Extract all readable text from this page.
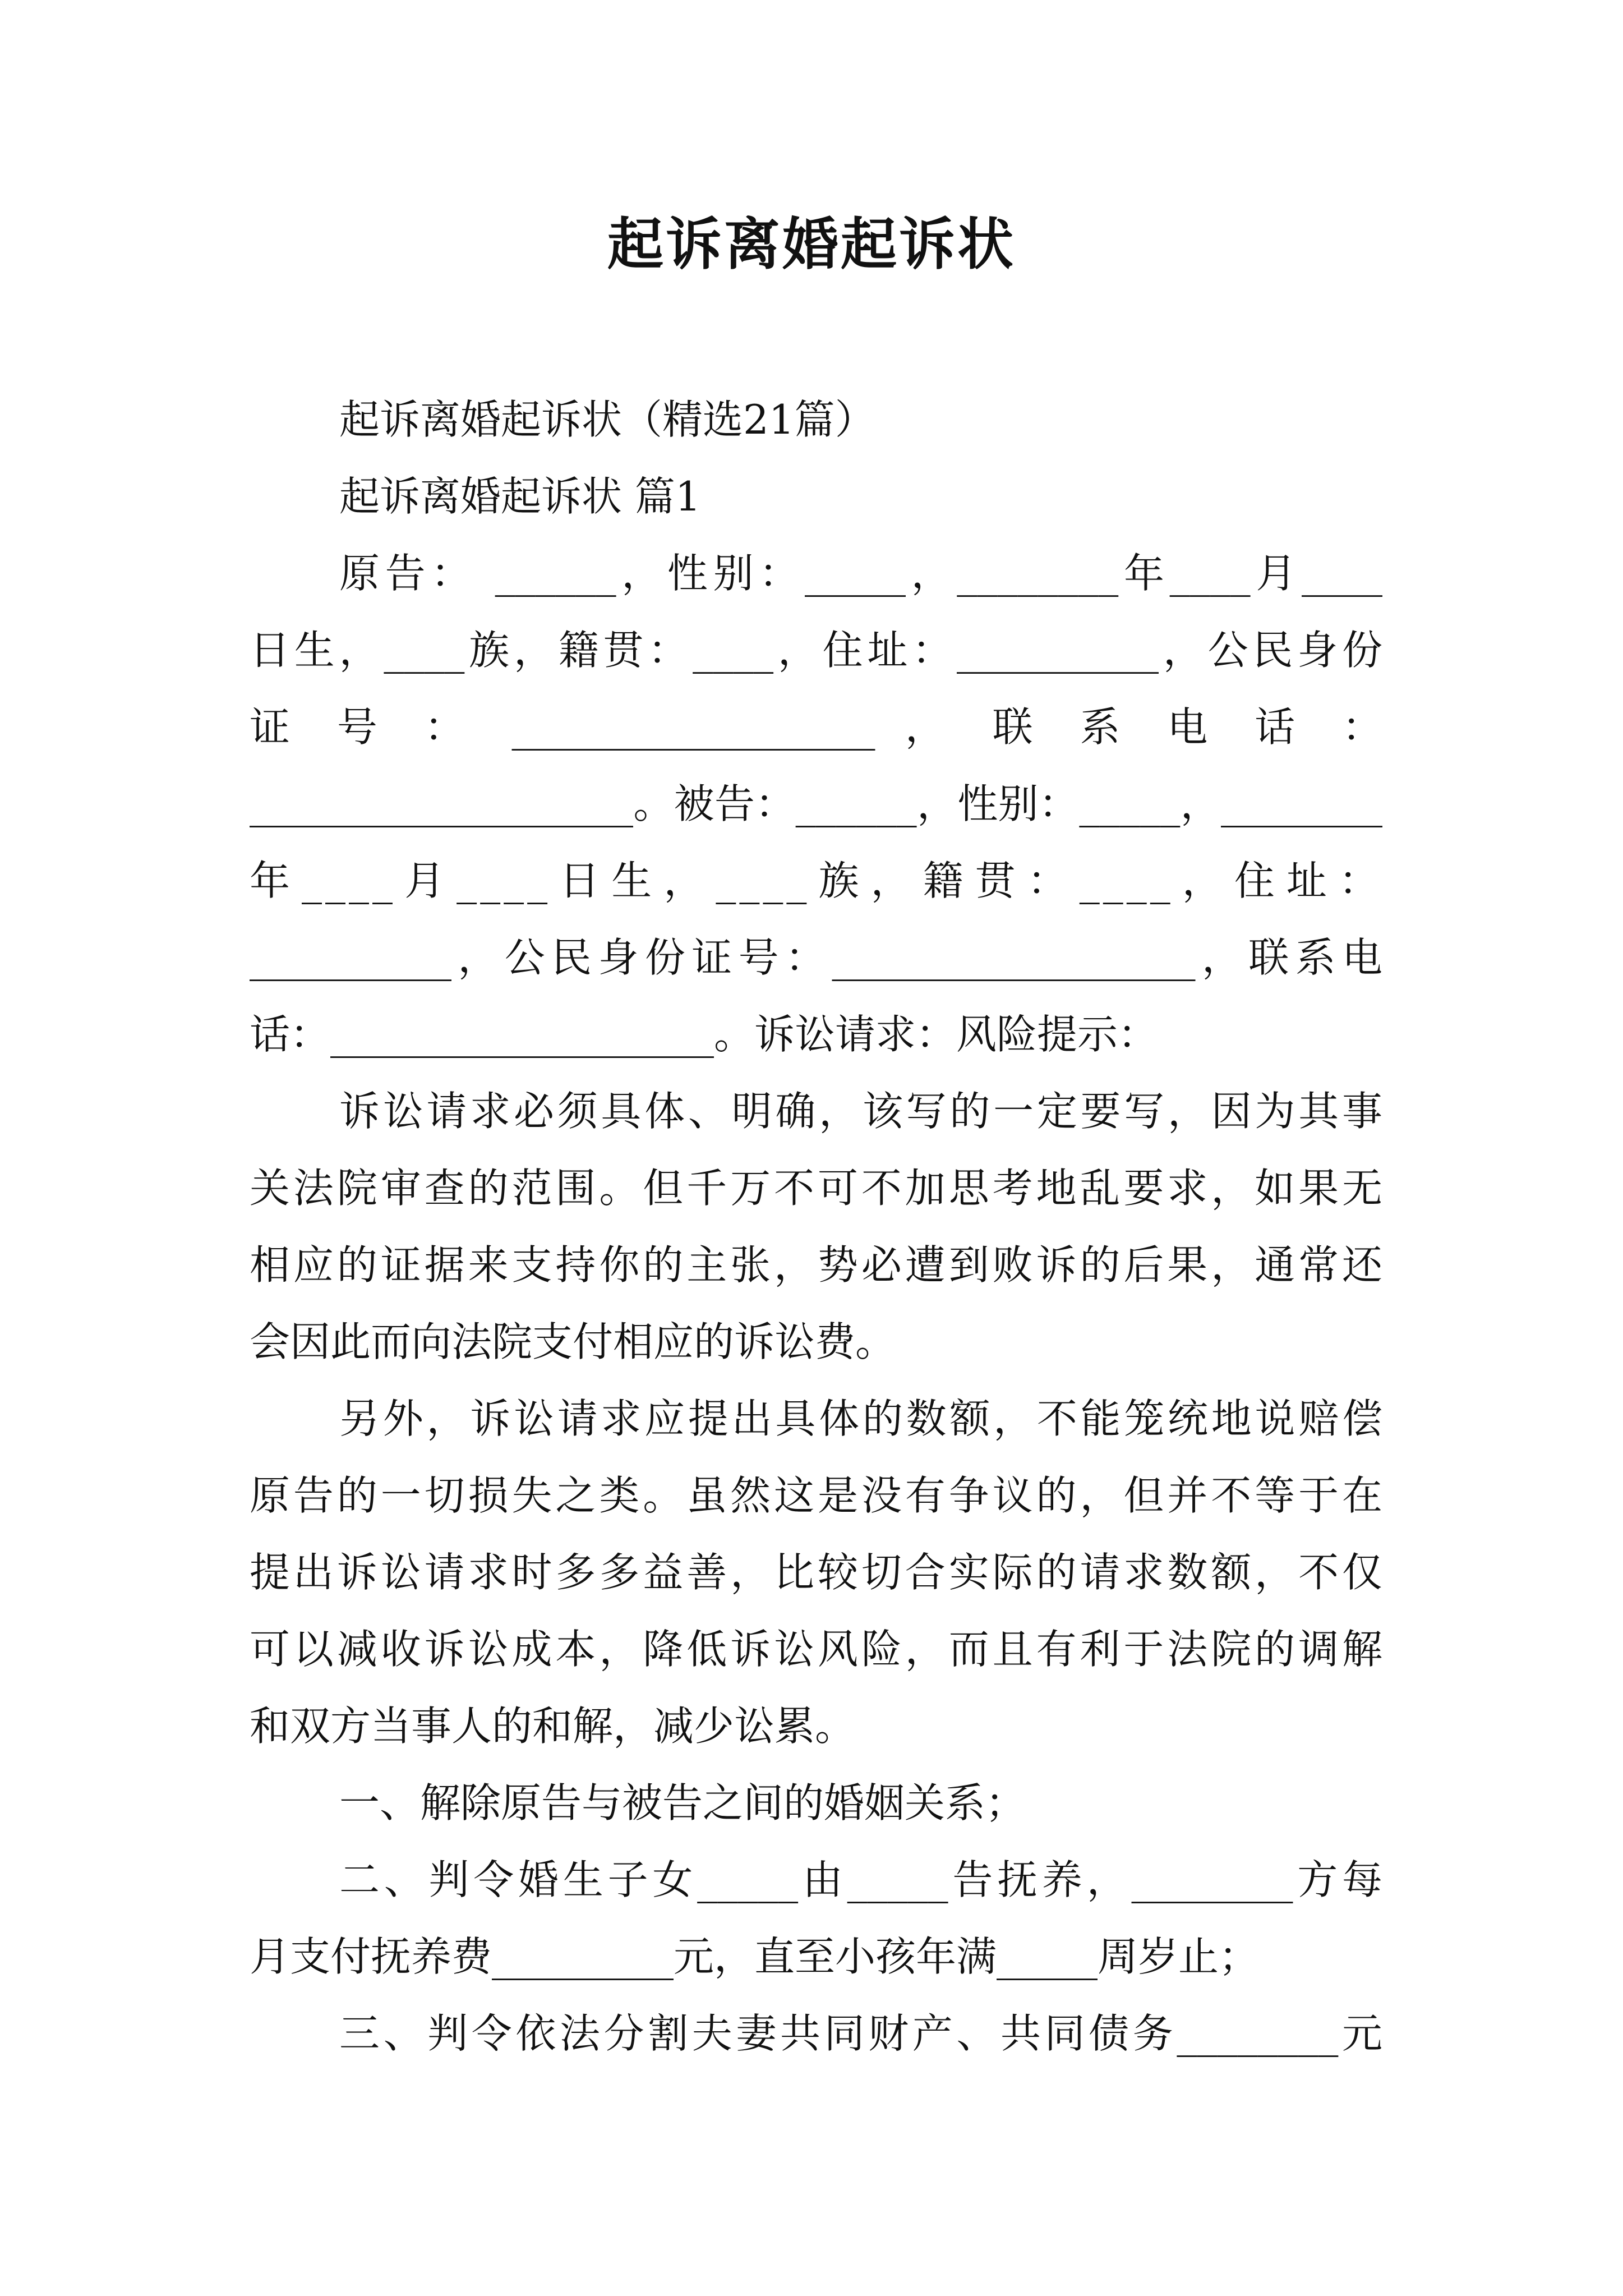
起诉离婚起诉状
起诉离婚起诉状（精选21篇）
起诉离婚起诉状 篇1
原告： ______，性别：_____，________年____月____
日生，____族，籍贯：____，住址：__________，公民身份
证 号 ： __________________ ， 联 系 电 话 ：
___________________。被告：______，性别：_____，________
年____月____日生，____族，籍贯：____，住址：
__________，公民身份证号：__________________，联系电
话：___________________。诉讼请求：风险提示：
诉讼请求必须具体、明确，该写的一定要写，因为其事
关法院审查的范围。但千万不可不加思考地乱要求，如果无
相应的证据来支持你的主张，势必遭到败诉的后果，通常还
会因此而向法院支付相应的诉讼费。
另外，诉讼请求应提出具体的数额，不能笼统地说赔偿
原告的一切损失之类。虽然这是没有争议的，但并不等于在
提出诉讼请求时多多益善，比较切合实际的请求数额，不仅
可以减收诉讼成本，降低诉讼风险，而且有利于法院的调解
和双方当事人的和解，减少讼累。
一、解除原告与被告之间的婚姻关系；
二、判令婚生子女_____由_____告抚养，________方每
月支付抚养费_________元，直至小孩年满_____周岁止；
三、判令依法分割夫妻共同财产、共同债务________元
